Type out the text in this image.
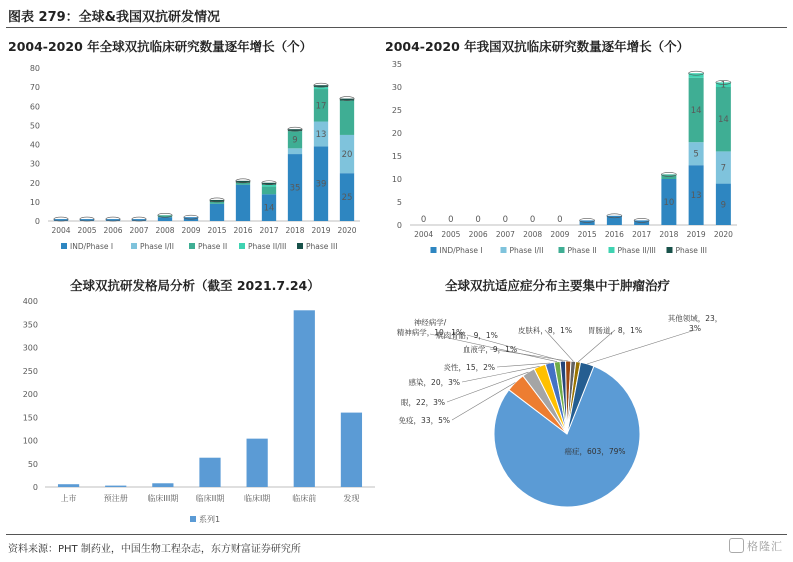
图表 279：全球&我国双抗研发情况
2004-2020 年全球双抗临床研究数量逐年增长（个）	2004-2020 年我国双抗临床研究数量逐年增长（个）
全球双抗研发格局分析（截至 2021.7.24）	全球双抗适应症分布主要集中于肿瘤治疗
0
10
20
30
40
50
60
70
80
2004 2005 2006 2007 2008 2009 2015 2016 2017
14
2018
35
9
2019
39
13
17
2020
25
20
IND/Phase I	Phase I/II	Phase II	Phase II/III	Phase III
0
5
10
15
20
25
30
35
2004
0
2005
0
2006
0
2007
0
2008
0
2009
0
2015 2016 2017 2018
10
2019
13
5
14
2020
9
7
14
1
IND/Phase I	Phase I/II	Phase II	Phase II/III	Phase III
0
50
100
150
200
250
300
350
400
上市	预注册 临床III期 临床II期 临床I期	临床前	发现
系列1
癌症，603，79%
免疫，33，5%
眼，22，3%
感染，20，3%
炎性，15，2%
神经病学/精神病学，10，1%
肌肉骨骼，9，1%
血液学，9，1%
皮肤科，8，1% 胃肠道，8，1%
其他领域，23， 3%
资料来源：PHT 制药业，中国生物工程杂志，东方财富证券研究所	格隆汇
